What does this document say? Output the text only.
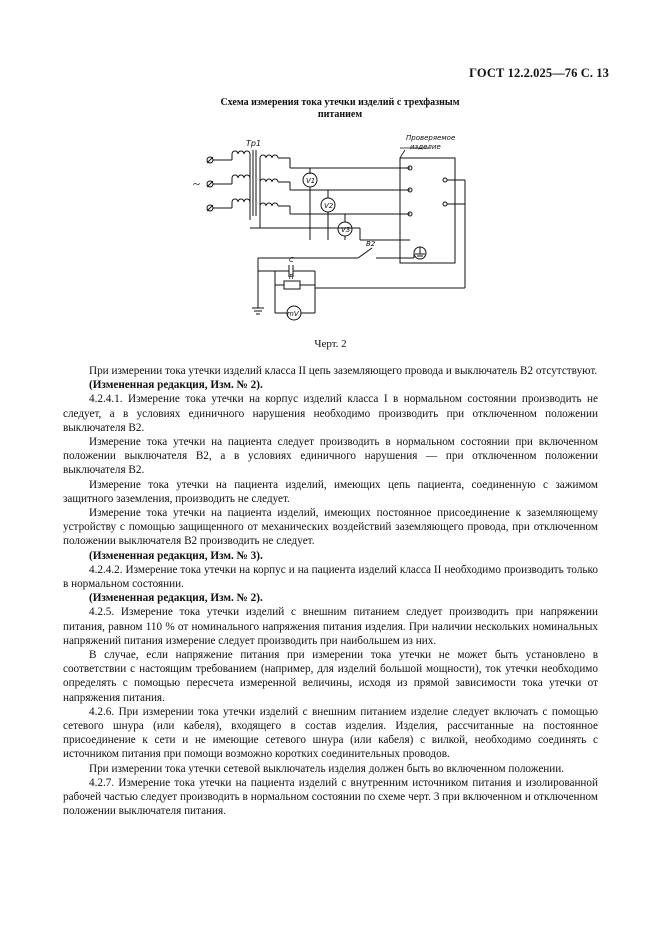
ГОСТ 12.2.025—76 С. 13
Схема измерения тока утечки изделий с трехфазным
питанием
~
Тр1
V1
V2
V3
Проверяемое
изделие
B2
C
R
mV
Черт. 2

При измерении тока утечки изделий класса II цепь заземляющего провода и выключатель B2 отсутствуют.

(Измененная редакция, Изм. № 2).

4.2.4.1. Измерение тока утечки на корпус изделий класса I в нормальном состоянии производить не следует, а в условиях единичного нарушения необходимо производить при отключенном положении выключателя B2.

Измерение тока утечки на пациента следует производить в нормальном состоянии при включенном положении выключателя B2, а в условиях единичного нарушения — при отключенном положении выключателя B2.

Измерение тока утечки на пациента изделий, имеющих цепь пациента, соединенную с зажимом защитного заземления, производить не следует.

Измерение тока утечки на пациента изделий, имеющих постоянное присоединение к заземляющему устройству с помощью защищенного от механических воздействий заземляющего провода, при отключенном положении выключателя B2 производить не следует.

(Измененная редакция, Изм. № 3).

4.2.4.2. Измерение тока утечки на корпус и на пациента изделий класса II необходимо производить только в нормальном состоянии.

(Измененная редакция, Изм. № 2).

4.2.5. Измерение тока утечки изделий с внешним питанием следует производить при напряжении питания, равном 110 % от номинального напряжения питания изделия. При наличии нескольких номинальных напряжений питания измерение следует производить при наибольшем из них.

В случае, если напряжение питания при измерении тока утечки не может быть установлено в соответствии с настоящим требованием (например, для изделий большой мощности), ток утечки необходимо определять с помощью пересчета измеренной величины, исходя из прямой зависимости тока утечки от напряжения питания.

4.2.6. При измерении тока утечки изделий с внешним питанием изделие следует включать с помощью сетевого шнура (или кабеля), входящего в состав изделия. Изделия, рассчитанные на постоянное присоединение к сети и не имеющие сетевого шнура (или кабеля) с вилкой, необходимо соединять с источником питания при помощи возможно коротких соединительных проводов.

При измерении тока утечки сетевой выключатель изделия должен быть во включенном положении.

4.2.7. Измерение тока утечки на пациента изделий с внутренним источником питания и изолированной рабочей частью следует производить в нормальном состоянии по схеме черт. 3 при включенном и отключенном положении выключателя питания.
